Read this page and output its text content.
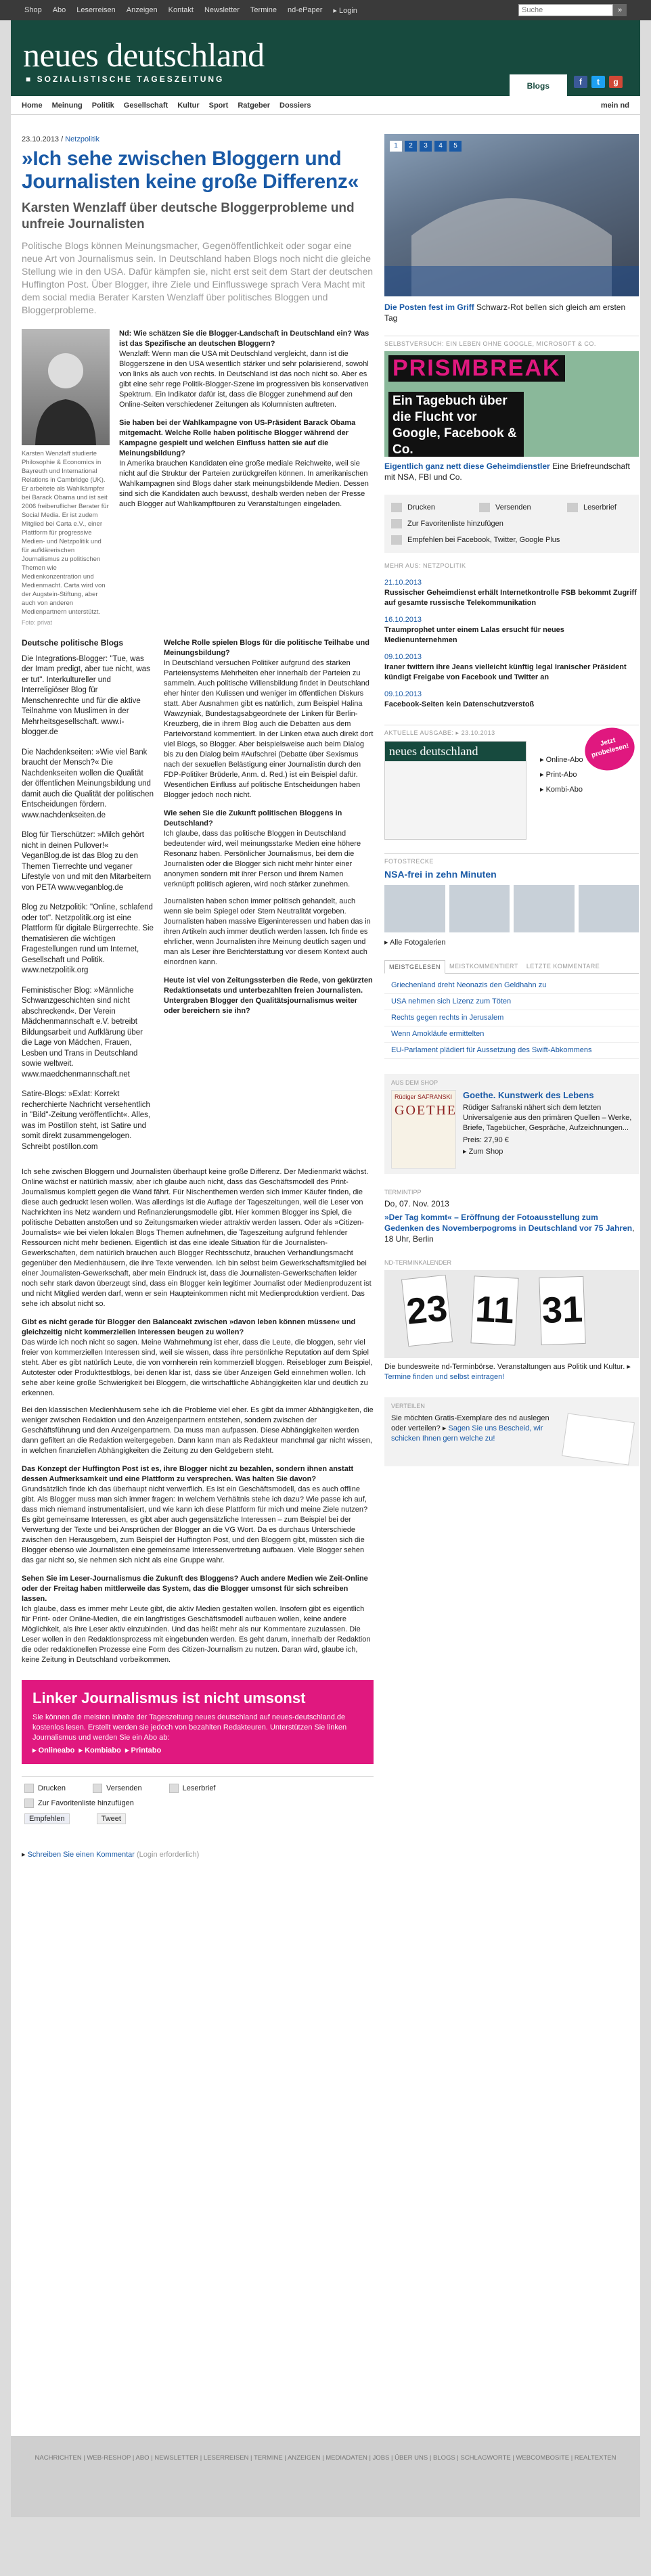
Shop Abo Leserreisen Anzeigen Kontakt Newsletter Termine nd-ePaper ▸ Login
Suche	»
neues deutschland
■ SOZIALISTISCHE TAGESZEITUNG
Blogs	f	t	g
Home Meinung Politik Gesellschaft Kultur Sport Ratgeber Dossiers	mein nd
23.10.2013 / Netzpolitik
»Ich sehe zwischen Bloggern und Journalisten keine große Differenz«
Karsten Wenzlaff über deutsche Bloggerprobleme und unfreie Journalisten
Politische Blogs können Meinungsmacher, Gegenöffentlichkeit oder sogar eine neue Art von Journalismus sein. In Deutschland haben Blogs noch nicht die gleiche Stellung wie in den USA. Dafür kämpfen sie, nicht erst seit dem Start der deutschen Huffington Post. Über Blogger, ihre Ziele und Einflusswege sprach Vera Macht mit dem social media Berater Karsten Wenzlaff über politisches Bloggen und Bloggerprobleme.
Karsten Wenzlaff studierte Philosophie & Economics in Bayreuth und International Relations in Cambridge (UK). Er arbeitete als Wahlkämpfer bei Barack Obama und ist seit 2006 freiberuflicher Berater für Social Media. Er ist zudem Mitglied bei Carta e.V., einer Plattform für progressive Medien- und Netzpolitik und für aufklärerischen Journalismus zu politischen Themen wie Medienkonzentration und Medienmacht. Carta wird von der Augstein-Stiftung, aber auch von anderen Medienpartnern unterstützt.
Foto: privat
Nd: Wie schätzen Sie die Blogger-Landschaft in Deutschland ein? Was ist das Spezifische an deutschen Bloggern?
Wenzlaff: Wenn man die USA mit Deutschland vergleicht, dann ist die Bloggerszene in den USA wesentlich stärker und sehr polarisierend, sowohl von links als auch von rechts. In Deutschland ist das noch nicht so. Aber es gibt eine sehr rege Politik-Blogger-Szene im progressiven bis konservativen Spektrum. Ein Indikator dafür ist, dass die Blogger zunehmend auf den Online-Seiten verschiedener Zeitungen als Kolumnisten auftreten.
Sie haben bei der Wahlkampagne von US-Präsident Barack Obama mitgemacht. Welche Rolle haben politische Blogger während der Kampagne gespielt und welchen Einfluss hatten sie auf die Meinungsbildung?
In Amerika brauchen Kandidaten eine große mediale Reichweite, weil sie nicht auf die Struktur der Parteien zurückgreifen können. In amerikanischen Wahlkampagnen sind Blogs daher stark meinungsbildende Medien. Dessen sind sich die Kandidaten auch bewusst, deshalb werden neben der Presse auch Blogger auf Wahlkampftouren zu Veranstaltungen eingeladen.
Deutsche politische Blogs
Die Integrations-Blogger: "Tue, was der Imam predigt, aber tue nicht, was er tut". Interkultureller und Interreligiöser Blog für Menschenrechte und für die aktive Teilnahme von Muslimen in der Mehrheitsgesellschaft. www.i-blogger.de
Die Nachdenkseiten: »Wie viel Bank braucht der Mensch?« Die Nachdenkseiten wollen die Qualität der öffentlichen Meinungsbildung und damit auch die Qualität der politischen Entscheidungen fördern. www.nachdenkseiten.de
Blog für Tierschützer: »Milch gehört nicht in deinen Pullover!« VeganBlog.de ist das Blog zu den Themen Tierrechte und veganer Lifestyle von und mit den Mitarbeitern von PETA www.veganblog.de
Blog zu Netzpolitik: "Online, schlafend oder tot". Netzpolitik.org ist eine Plattform für digitale Bürgerrechte. Sie thematisieren die wichtigen Fragestellungen rund um Internet, Gesellschaft und Politik. www.netzpolitik.org
Feministischer Blog: »Männliche Schwanzgeschichten sind nicht abschreckend«. Der Verein Mädchenmannschaft e.V. betreibt Bildungsarbeit und Aufklärung über die Lage von Mädchen, Frauen, Lesben und Trans in Deutschland sowie weltweit. www.maedchenmannschaft.net
Satire-Blogs: »Exlat: Korrekt recherchierte Nachricht versehentlich in "Bild"-Zeitung veröffentlicht«. Alles, was im Postillon steht, ist Satire und somit direkt zusammengelogen. Schreibt postillon.com
Welche Rolle spielen Blogs für die politische Teilhabe und Meinungsbildung?
In Deutschland versuchen Politiker aufgrund des starken Parteiensystems Mehrheiten eher innerhalb der Parteien zu sammeln. Auch politische Willensbildung findet in Deutschland eher hinter den Kulissen und weniger im öffentlichen Diskurs statt. Aber Ausnahmen gibt es natürlich, zum Beispiel Halina Wawzyniak, Bundestagsabgeordnete der Linken für Berlin-Kreuzberg, die in ihrem Blog auch die Debatten aus dem Parteivorstand kommentiert. In der Linken etwa auch direkt dort viel Blogs, so Blogger. Aber beispielsweise auch beim Dialog bis zu den Dialog beim #Aufschrei (Debatte über Sexismus nach der sexuellen Belästigung einer Journalistin durch den FDP-Politiker Brüderle, Anm. d. Red.) ist ein Beispiel dafür. Wesentlichen Einfluss auf politische Entscheidungen haben Blogger jedoch noch nicht.
Wie sehen Sie die Zukunft politischen Bloggens in Deutschland?
Ich glaube, dass das politische Bloggen in Deutschland bedeutender wird, weil meinungsstarke Medien eine höhere Resonanz haben. Persönlicher Journalismus, bei dem die Journalisten oder die Blogger sich nicht mehr hinter einer anonymen sondern mit ihrer Person und ihrem Namen verknüpft politisch agieren, wird noch stärker zunehmen.
Journalisten haben schon immer politisch gehandelt, auch wenn sie beim Spiegel oder Stern Neutralität vorgeben. Journalisten haben massive Eigeninteressen und haben das in ihren Artikeln auch immer deutlich werden lassen. Ich finde es ehrlicher, wenn Journalisten ihre Meinung deutlich sagen und man als Leser ihre Berichterstattung vor diesem Kontext auch einordnen kann.
Heute ist viel von Zeitungssterben die Rede, von gekürzten Redaktionsetats und unterbezahlten freien Journalisten. Untergraben Blogger den Qualitätsjournalismus weiter oder bereichern sie ihn?
Ich sehe zwischen Bloggern und Journalisten überhaupt keine große Differenz. Der Medienmarkt wächst. Online wächst er natürlich massiv, aber ich glaube auch nicht, dass das Geschäftsmodell des Print-Journalismus komplett gegen die Wand fährt. Für Nischenthemen werden sich immer Käufer finden, die diese auch gedruckt lesen wollen. Was allerdings ist die Auflage der Tageszeitungen, weil die Leser von Nachrichten ins Netz wandern und Refinanzierungsmodelle gibt. Hier kommen Blogger ins Spiel, die politische Debatten anstoßen und so Zeitungsmarken wieder attraktiv werden lassen. Oder als »Citizen-Journalists« wie bei vielen lokalen Blogs Themen aufnehmen, die Tageszeitung aufgrund fehlender Ressourcen nicht mehr bedienen. Eigentlich ist das eine ideale Situation für die Journalisten-Gewerkschaften, dem natürlich brauchen auch Blogger Rechtsschutz, brauchen Verhandlungsmacht gegenüber den Medienhäusern, die ihre Texte verwenden. Ich bin selbst beim Gewerkschaftsmitglied bei einer Journalisten-Gewerkschaft, aber mein Eindruck ist, dass die Journalisten-Gewerkschaften leider noch sehr stark davon überzeugt sind, dass ein Blogger kein legitimer Journalist oder Medienproduzent ist und nicht Mitglied werden darf, wenn er sein Haupteinkommen nicht mit Medienproduktion verdient. Das sehe ich absolut nicht so.
Gibt es nicht gerade für Blogger den Balanceakt zwischen »davon leben können müssen« und gleichzeitig nicht kommerziellen Interessen beugen zu wollen?
Das würde ich noch nicht so sagen. Meine Wahrnehmung ist eher, dass die Leute, die bloggen, sehr viel freier von kommerziellen Interessen sind, weil sie wissen, dass ihre persönliche Reputation auf dem Spiel steht. Aber es gibt natürlich Leute, die von vornherein rein kommerziell bloggen. Reisebloger zum Beispiel, Autotester oder Produkttestblogs, bei denen klar ist, dass sie über Anzeigen Geld einnehmen wollen. Ich sehe aber keine große Schwierigkeit bei Bloggern, die wirtschaftliche Abhängigkeiten klar und deutlich zu erkennen.
Bei den klassischen Medienhäusern sehe ich die Probleme viel eher. Es gibt da immer Abhängigkeiten, die weniger zwischen Redaktion und den Anzeigenpartnern entstehen, sondern zwischen der Geschäftsführung und den Anzeigenpartnern. Da muss man aufpassen. Diese Abhängigkeiten werden dann gefiltert an die Redaktion weitergegeben. Dann kann man als Redakteur manchmal gar nicht wissen, in welchen finanziellen Abhängigkeiten die Zeitung zu den Geldgebern steht.
Das Konzept der Huffington Post ist es, ihre Blogger nicht zu bezahlen, sondern ihnen anstatt dessen Aufmerksamkeit und eine Plattform zu versprechen. Was halten Sie davon?
Grundsätzlich finde ich das überhaupt nicht verwerflich. Es ist ein Geschäftsmodell, das es auch offline gibt. Als Blogger muss man sich immer fragen: In welchem Verhältnis stehe ich dazu? Wie passe ich auf, dass mich niemand instrumentalisiert, und wie kann ich diese Plattform für mich und meine Ziele nutzen? Es gibt gemeinsame Interessen, es gibt aber auch gegensätzliche Interessen – zum Beispiel bei der Verwertung der Texte und bei Ansprüchen der Blogger an die VG Wort. Da es durchaus Unterschiede zwischen den Herausgebern, zum Beispiel der Huffington Post, und den Bloggern gibt, müssten sich die Blogger ebenso wie Journalisten eine gemeinsame Interessenvertretung aufbauen. Viele Blogger sehen das gar nicht so, sie nehmen sich nicht als eine Gruppe wahr.
Sehen Sie im Leser-Journalismus die Zukunft des Bloggens? Auch andere Medien wie Zeit-Online oder der Freitag haben mittlerweile das System, das die Blogger umsonst für sich schreiben lassen.
Ich glaube, dass es immer mehr Leute gibt, die aktiv Medien gestalten wollen. Insofern gibt es eigentlich für Print- oder Online-Medien, die ein langfristiges Geschäftsmodell aufbauen wollen, keine andere Möglichkeit, als ihre Leser aktiv einzubinden. Und das heißt mehr als nur Kommentare zuzulassen. Die Leser wollen in den Redaktionsprozess mit eingebunden werden. Es geht darum, innerhalb der Redaktion die oder redaktionellen Prozesse eine Form des Citizen-Journalism zu nutzen. Daran wird, glaube ich, keine Zeitung in Deutschland vorbeikommen.
Linker Journalismus ist nicht umsonst
Sie können die meisten Inhalte der Tageszeitung neues deutschland auf neues-deutschland.de kostenlos lesen. Erstellt werden sie jedoch von bezahlten Redakteuren. Unterstützen Sie linken Journalismus und werden Sie ein Abo ab:
▸ Onlineabo  ▸ Kombiabo  ▸ Printabo
Drucken	Versenden	Leserbrief
Zur Favoritenliste hinzufügen
Empfehlen	Tweet
▸ Schreiben Sie einen Kommentar (Login erforderlich)
1	2	3	4	5
Die Posten fest im Griff Schwarz-Rot bellen sich gleich am ersten Tag
SELBSTVERSUCH: EIN LEBEN OHNE GOOGLE, MICROSOFT & CO.
PRISMBREAK
Ein Tagebuch über die Flucht vor Google, Facebook & Co.
Eigentlich ganz nett diese Geheimdienstler Eine Briefreundschaft mit NSA, FBI und Co.
Drucken	Versenden	Leserbrief
Zur Favoritenliste hinzufügen
Empfehlen bei Facebook, Twitter, Google Plus
MEHR AUS: NETZPOLITIK
21.10.2013
Russischer Geheimdienst erhält Internetkontrolle FSB bekommt Zugriff auf gesamte russische Telekommunikation
16.10.2013
Traumprophet unter einem Lalas ersucht für neues Medienunternehmen
09.10.2013
Iraner twittern ihre Jeans vielleicht künftig legal Iranischer Präsident kündigt Freigabe von Facebook und Twitter an
09.10.2013
Facebook-Seiten kein Datenschutzverstoß
AKTUELLE AUSGABE: ▸ 23.10.2013
neues deutschland
▸ Online-Abo
▸ Print-Abo
▸ Kombi-Abo
Jetzt probelesen!
FOTOSTRECKE
NSA-frei in zehn Minuten
▸ Alle Fotogalerien
MEISTGELESEN	MEISTKOMMENTIERT	LETZTE KOMMENTARE
Griechenland dreht Neonazis den Geldhahn zu
USA nehmen sich Lizenz zum Töten
Rechts gegen rechts in Jerusalem
Wenn Amokläufe ermittelten
EU-Parlament plädiert für Aussetzung des Swift-Abkommens
AUS DEM SHOP
Rüdiger SAFRANSKI
GOETHE
Goethe. Kunstwerk des Lebens
Rüdiger Safranski nähert sich dem letzten Universalgenie aus den primären Quellen – Werke, Briefe, Tagebücher, Gespräche, Aufzeichnungen...
Preis: 27,90 €
▸ Zum Shop
TERMINTIPP
Do, 07. Nov. 2013
»Der Tag kommt« – Eröffnung der Fotoausstellung zum Gedenken des Novemberpogroms in Deutschland vor 75 Jahren, 18 Uhr, Berlin
ND-TERMINKALENDER
23 11 31
Die bundesweite nd-Terminbörse. Veranstaltungen aus Politik und Kultur. ▸ Termine finden und selbst eintragen!
VERTEILEN
Sie möchten Gratis-Exemplare des nd auslegen oder verteilen? ▸ Sagen Sie uns Bescheid, wir schicken Ihnen gern welche zu!
NACHRICHTEN | WEB-RESHOP | ABO | NEWSLETTER | LESERREISEN | TERMINE | ANZEIGEN | MEDIADATEN | JOBS | ÜBER UNS | BLOGS | SCHLAGWORTE | WEBCOMBOSITE | REALTEXTEN
